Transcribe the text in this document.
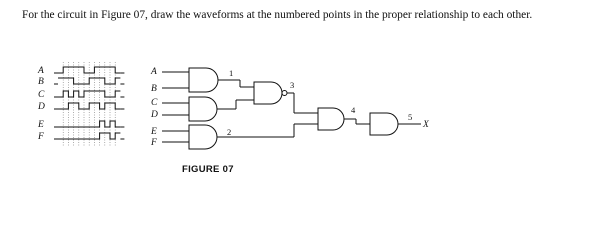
For the circuit in Figure 07, draw the waveforms at the numbered points in the proper relationship to each other.
A
B
C
D
E
F
A
B
C
D
E
F
1
2
3
4
5
X
FIGURE 07
